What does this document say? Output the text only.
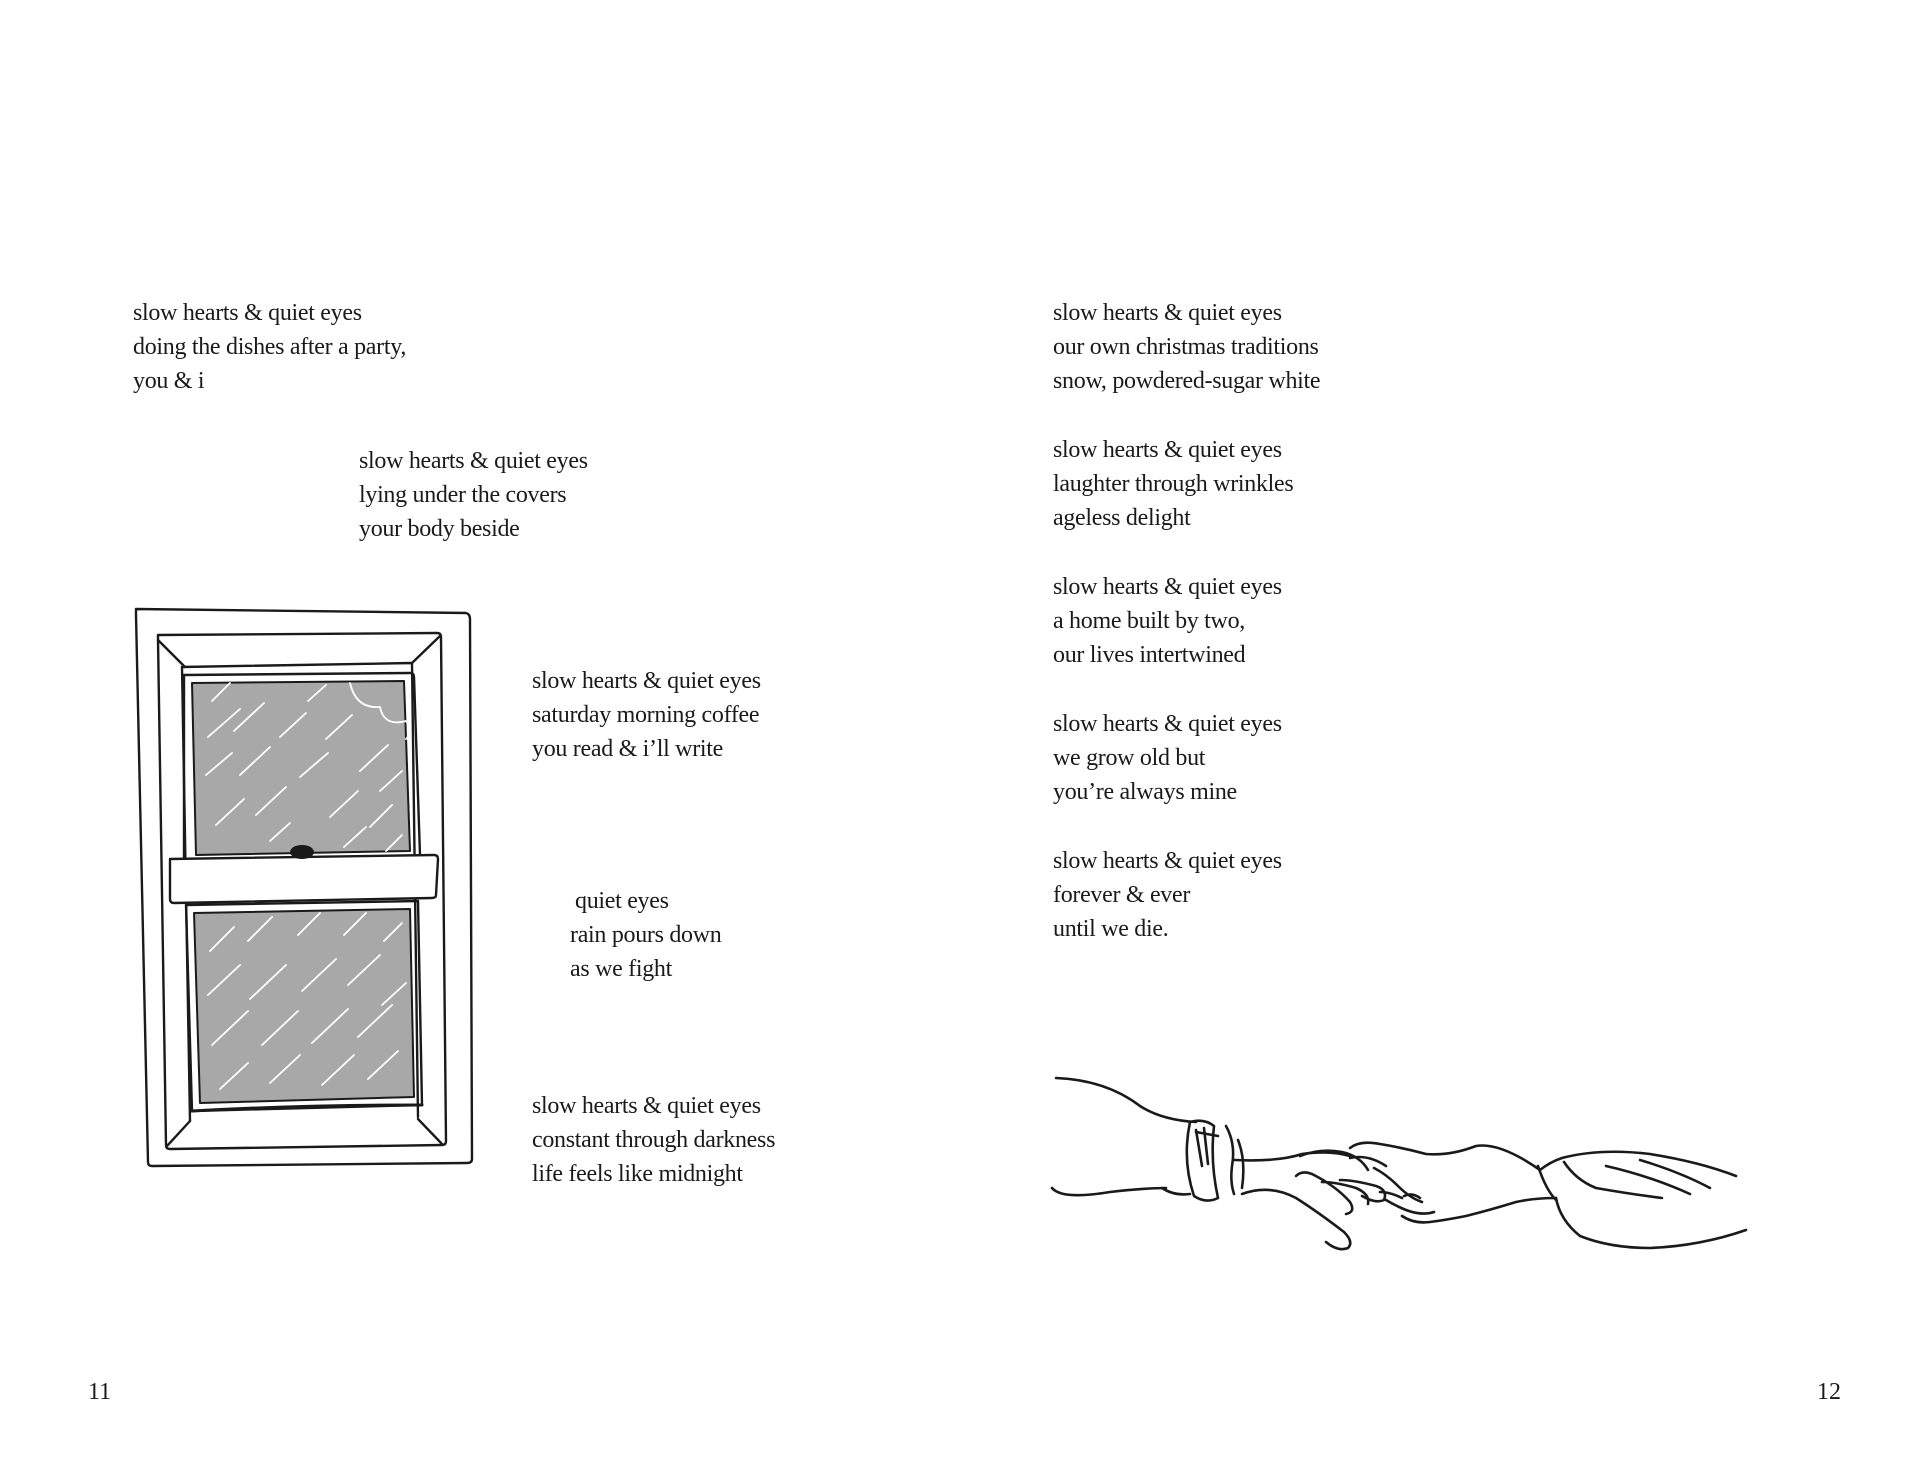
slow hearts & quiet eyes
doing the dishes after a party,
you & i
slow hearts & quiet eyes
lying under the covers
your body beside
slow hearts & quiet eyes
saturday morning coffee
you read & i’ll write
quiet eyes
rain pours down
as we fight
slow hearts & quiet eyes
constant through darkness
life feels like midnight
11
slow hearts & quiet eyes
our own christmas traditions
snow, powdered-sugar white
slow hearts & quiet eyes
laughter through wrinkles
ageless delight
slow hearts & quiet eyes
a home built by two,
our lives intertwined
slow hearts & quiet eyes
we grow old but
you’re always mine
slow hearts & quiet eyes
forever & ever
until we die.
12
